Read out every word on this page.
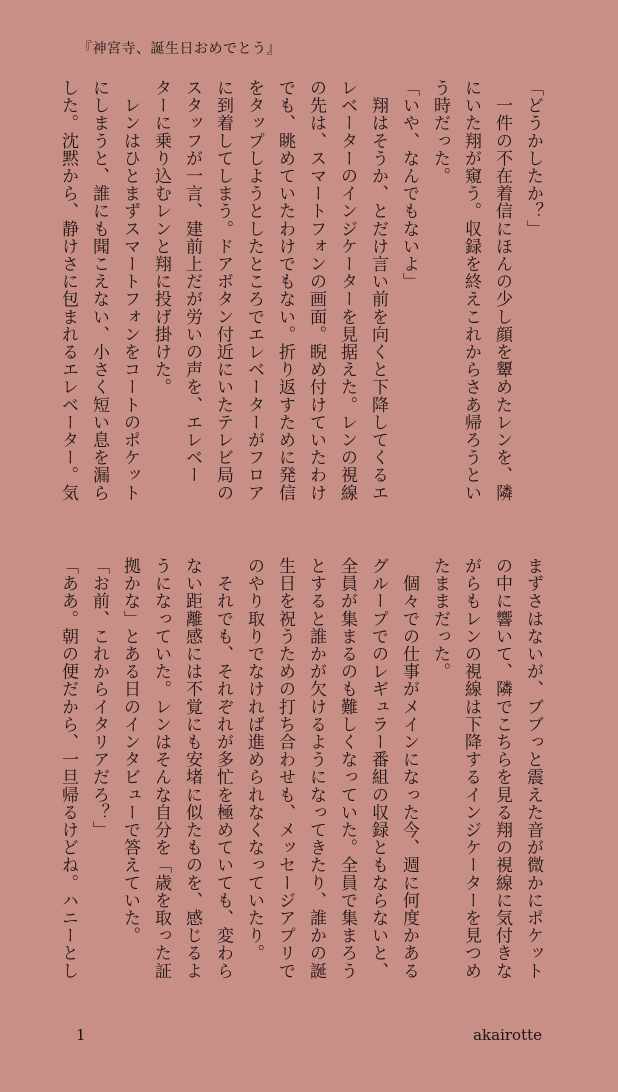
『神宮寺、誕生日おめでとう』
「どうかしたか？」
　一件の不在着信にほんの少し顔を顰めたレンを、隣
にいた翔が窺う。収録を終えこれからさあ帰ろうとい
う時だった。
「いや、なんでもないよ」
　翔はそうか、とだけ言い前を向くと下降してくるエ
レベーターのインジケーターを見据えた。レンの視線
の先は、スマートフォンの画面。睨め付けていたわけ
でも、眺めていたわけでもない。折り返すために発信
をタップしようとしたところでエレベーターがフロア
に到着してしまう。ドアボタン付近にいたテレビ局の
スタッフが一言、建前上だが労いの声を、エレベー
ターに乗り込むレンと翔に投げ掛けた。
　レンはひとまずスマートフォンをコートのポケット
にしまうと、誰にも聞こえない、小さく短い息を漏ら
した。沈黙から、静けさに包まれるエレベーター。気
まずさはないが、ブブっと震えた音が微かにポケット
の中に響いて、隣でこちらを見る翔の視線に気付きな
がらもレンの視線は下降するインジケーターを見つめ
たままだった。
　個々での仕事がメインになった今、週に何度かある
グループでのレギュラー番組の収録ともならないと、
全員が集まるのも難しくなっていた。全員で集まろう
とすると誰かが欠けるようになってきたり、誰かの誕
生日を祝うための打ち合わせも、メッセージアプリで
のやり取りでなければ進められなくなっていたり。
　それでも、それぞれが多忙を極めていても、変わら
ない距離感には不覚にも安堵に似たものを、感じるよ
うになっていた。レンはそんな自分を「歳を取った証
拠かな」とある日のインタビューで答えていた。
「お前、これからイタリアだろ？」
「ああ。朝の便だから、一旦帰るけどね。ハニーとし
1	akairotte
